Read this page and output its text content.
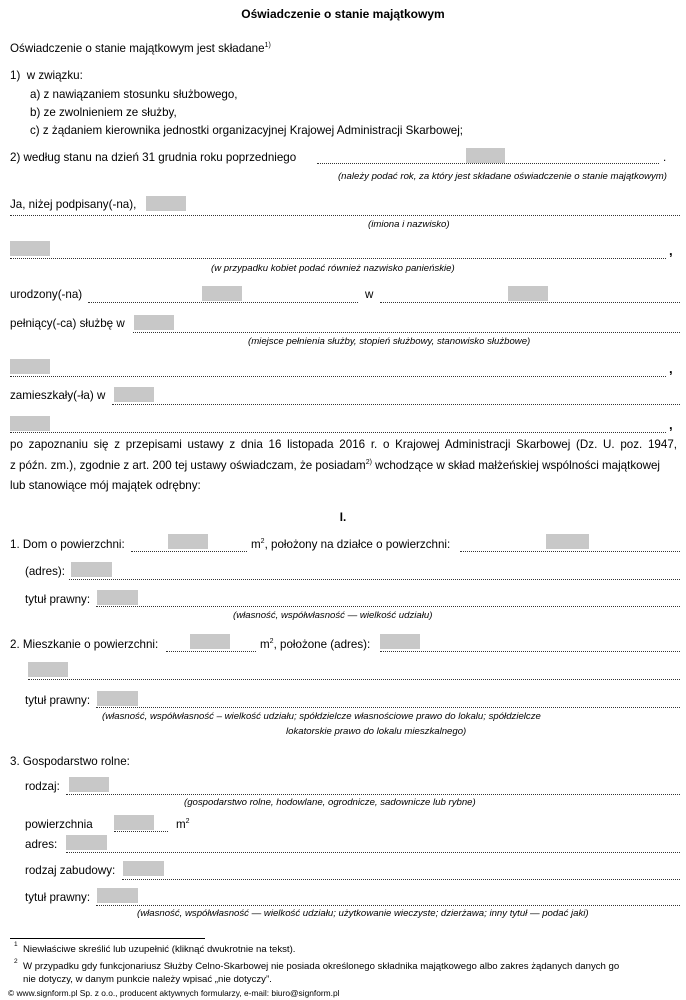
Oświadczenie o stanie majątkowym
Oświadczenie o stanie majątkowym jest składane$^{1)}$
1) w związku:
a) z nawiązaniem stosunku służbowego,
b) ze zwolnieniem ze służby,
c) z żądaniem kierownika jednostki organizacyjnej Krajowej Administracji Skarbowej;
2) według stanu na dzień 31 grudnia roku poprzedniego	.
(należy podać rok, za który jest składane oświadczenie o stanie majątkowym)
Ja, niżej podpisany(-na),
(imiona i nazwisko)
,
(w przypadku kobiet podać również nazwisko panieńskie)
urodzony(-na)	w
pełniący(-ca) służbę w
(miejsce pełnienia służby, stopień służbowy, stanowisko służbowe)
,
zamieszkały(-ła) w
,
po zapoznaniu się z przepisami ustawy z dnia 16 listopada 2016 r. o Krajowej Administracji Skarbowej (Dz. U. poz. 1947,
z późn. zm.), zgodnie z art. 200 tej ustawy oświadczam, że posiadam$^{2)}$ wchodzące w skład małżeńskiej wspólności majątkowej
lub stanowiące mój majątek odrębny:
I.
1. Dom o powierzchni:	$m^2$, położony na działce o powierzchni:
(adres):
tytuł prawny:
(własność, współwłasność — wielkość udziału)
2. Mieszkanie o powierzchni:	$m^2$, położone (adres):
tytuł prawny:
(własność, współwłasność – wielkość udziału; spółdzielcze własnościowe prawo do lokalu; spółdzielcze
lokatorskie prawo do lokalu mieszkalnego)
3. Gospodarstwo rolne:
rodzaj:
(gospodarstwo rolne, hodowlane, ogrodnicze, sadownicze lub rybne)
powierzchnia	$m^2$
adres:
rodzaj zabudowy:
tytuł prawny:
(własność, współwłasność — wielkość udziału; użytkowanie wieczyste; dzierżawa; inny tytuł — podać jaki)
1 Niewłaściwe skreślić lub uzupełnić (kliknąć dwukrotnie na tekst).
2 W przypadku gdy funkcjonariusz Służby Celno-Skarbowej nie posiada określonego składnika majątkowego albo zakres żądanych danych go
nie dotyczy, w danym punkcie należy wpisać „nie dotyczy”.
© www.signform.pl Sp. z o.o., producent aktywnych formularzy, e-mail: biuro@signform.pl
